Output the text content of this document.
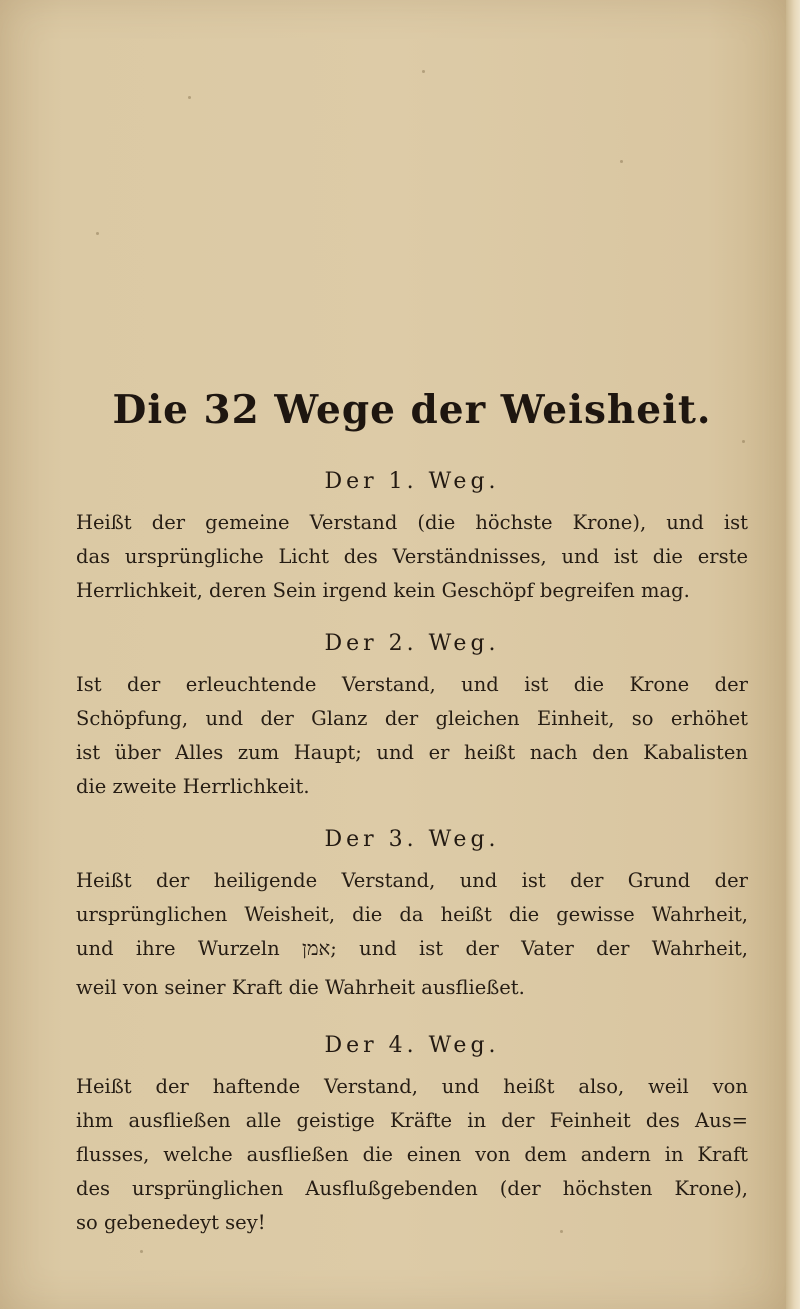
Die 32 Wege der Weisheit.
Der 1. Weg.
Heißt der gemeine Verstand (die höchste Krone), und ist
das ursprüngliche Licht des Verständnisses, und ist die erste
Herrlichkeit, deren Sein irgend kein Geschöpf begreifen mag.
Der 2. Weg.
Ist der erleuchtende Verstand, und ist die Krone der
Schöpfung, und der Glanz der gleichen Einheit, so erhöhet
ist über Alles zum Haupt; und er heißt nach den Kabalisten
die zweite Herrlichkeit.
Der 3. Weg.
Heißt der heiligende Verstand, und ist der Grund der
ursprünglichen Weisheit, die da heißt die gewisse Wahrheit,
und ihre Wurzeln אמן; und ist der Vater der Wahrheit,
weil von seiner Kraft die Wahrheit ausfließet.
Der 4. Weg.
Heißt der haftende Verstand, und heißt also, weil von
ihm ausfließen alle geistige Kräfte in der Feinheit des Aus=
flusses, welche ausfließen die einen von dem andern in Kraft
des ursprünglichen Ausflußgebenden (der höchsten Krone),
so gebenedeyt sey!
